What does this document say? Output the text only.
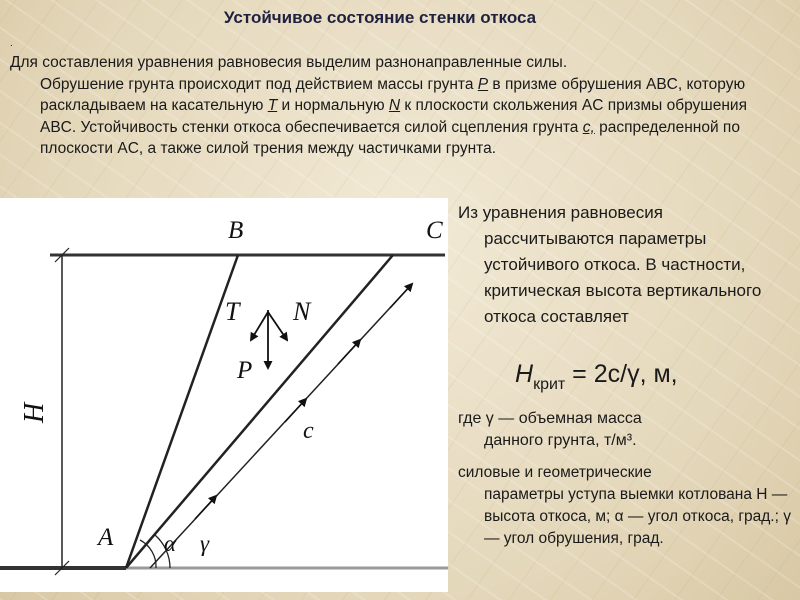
Устойчивое состояние стенки откоса
.
Для составления уравнения равновесия выделим разнонаправленные силы.
Обрушение грунта происходит под действием массы грунта P в призме обрушения ABC, которую раскладываем на касательную T и нормальную N к плоскости скольжения AC призмы обрушения ABC. Устойчивость стенки откоса обеспечивается силой сцепления грунта c, распределенной по плоскости AC, а также силой трения между частичками грунта.
B	C
A
H
T N
P
c
α γ
Из уравнения равновесия
рассчитываются параметры устойчивого откоса. В частности, критическая высота вертикального откоса составляет
$H_{крит} = 2c/\gamma$, м,
где γ — объемная масса
данного грунта, т/м³.
силовые и геометрические
параметры уступа выемки котлована H — высота откоса, м; α — угол откоса, град.; γ — угол обрушения, град.
